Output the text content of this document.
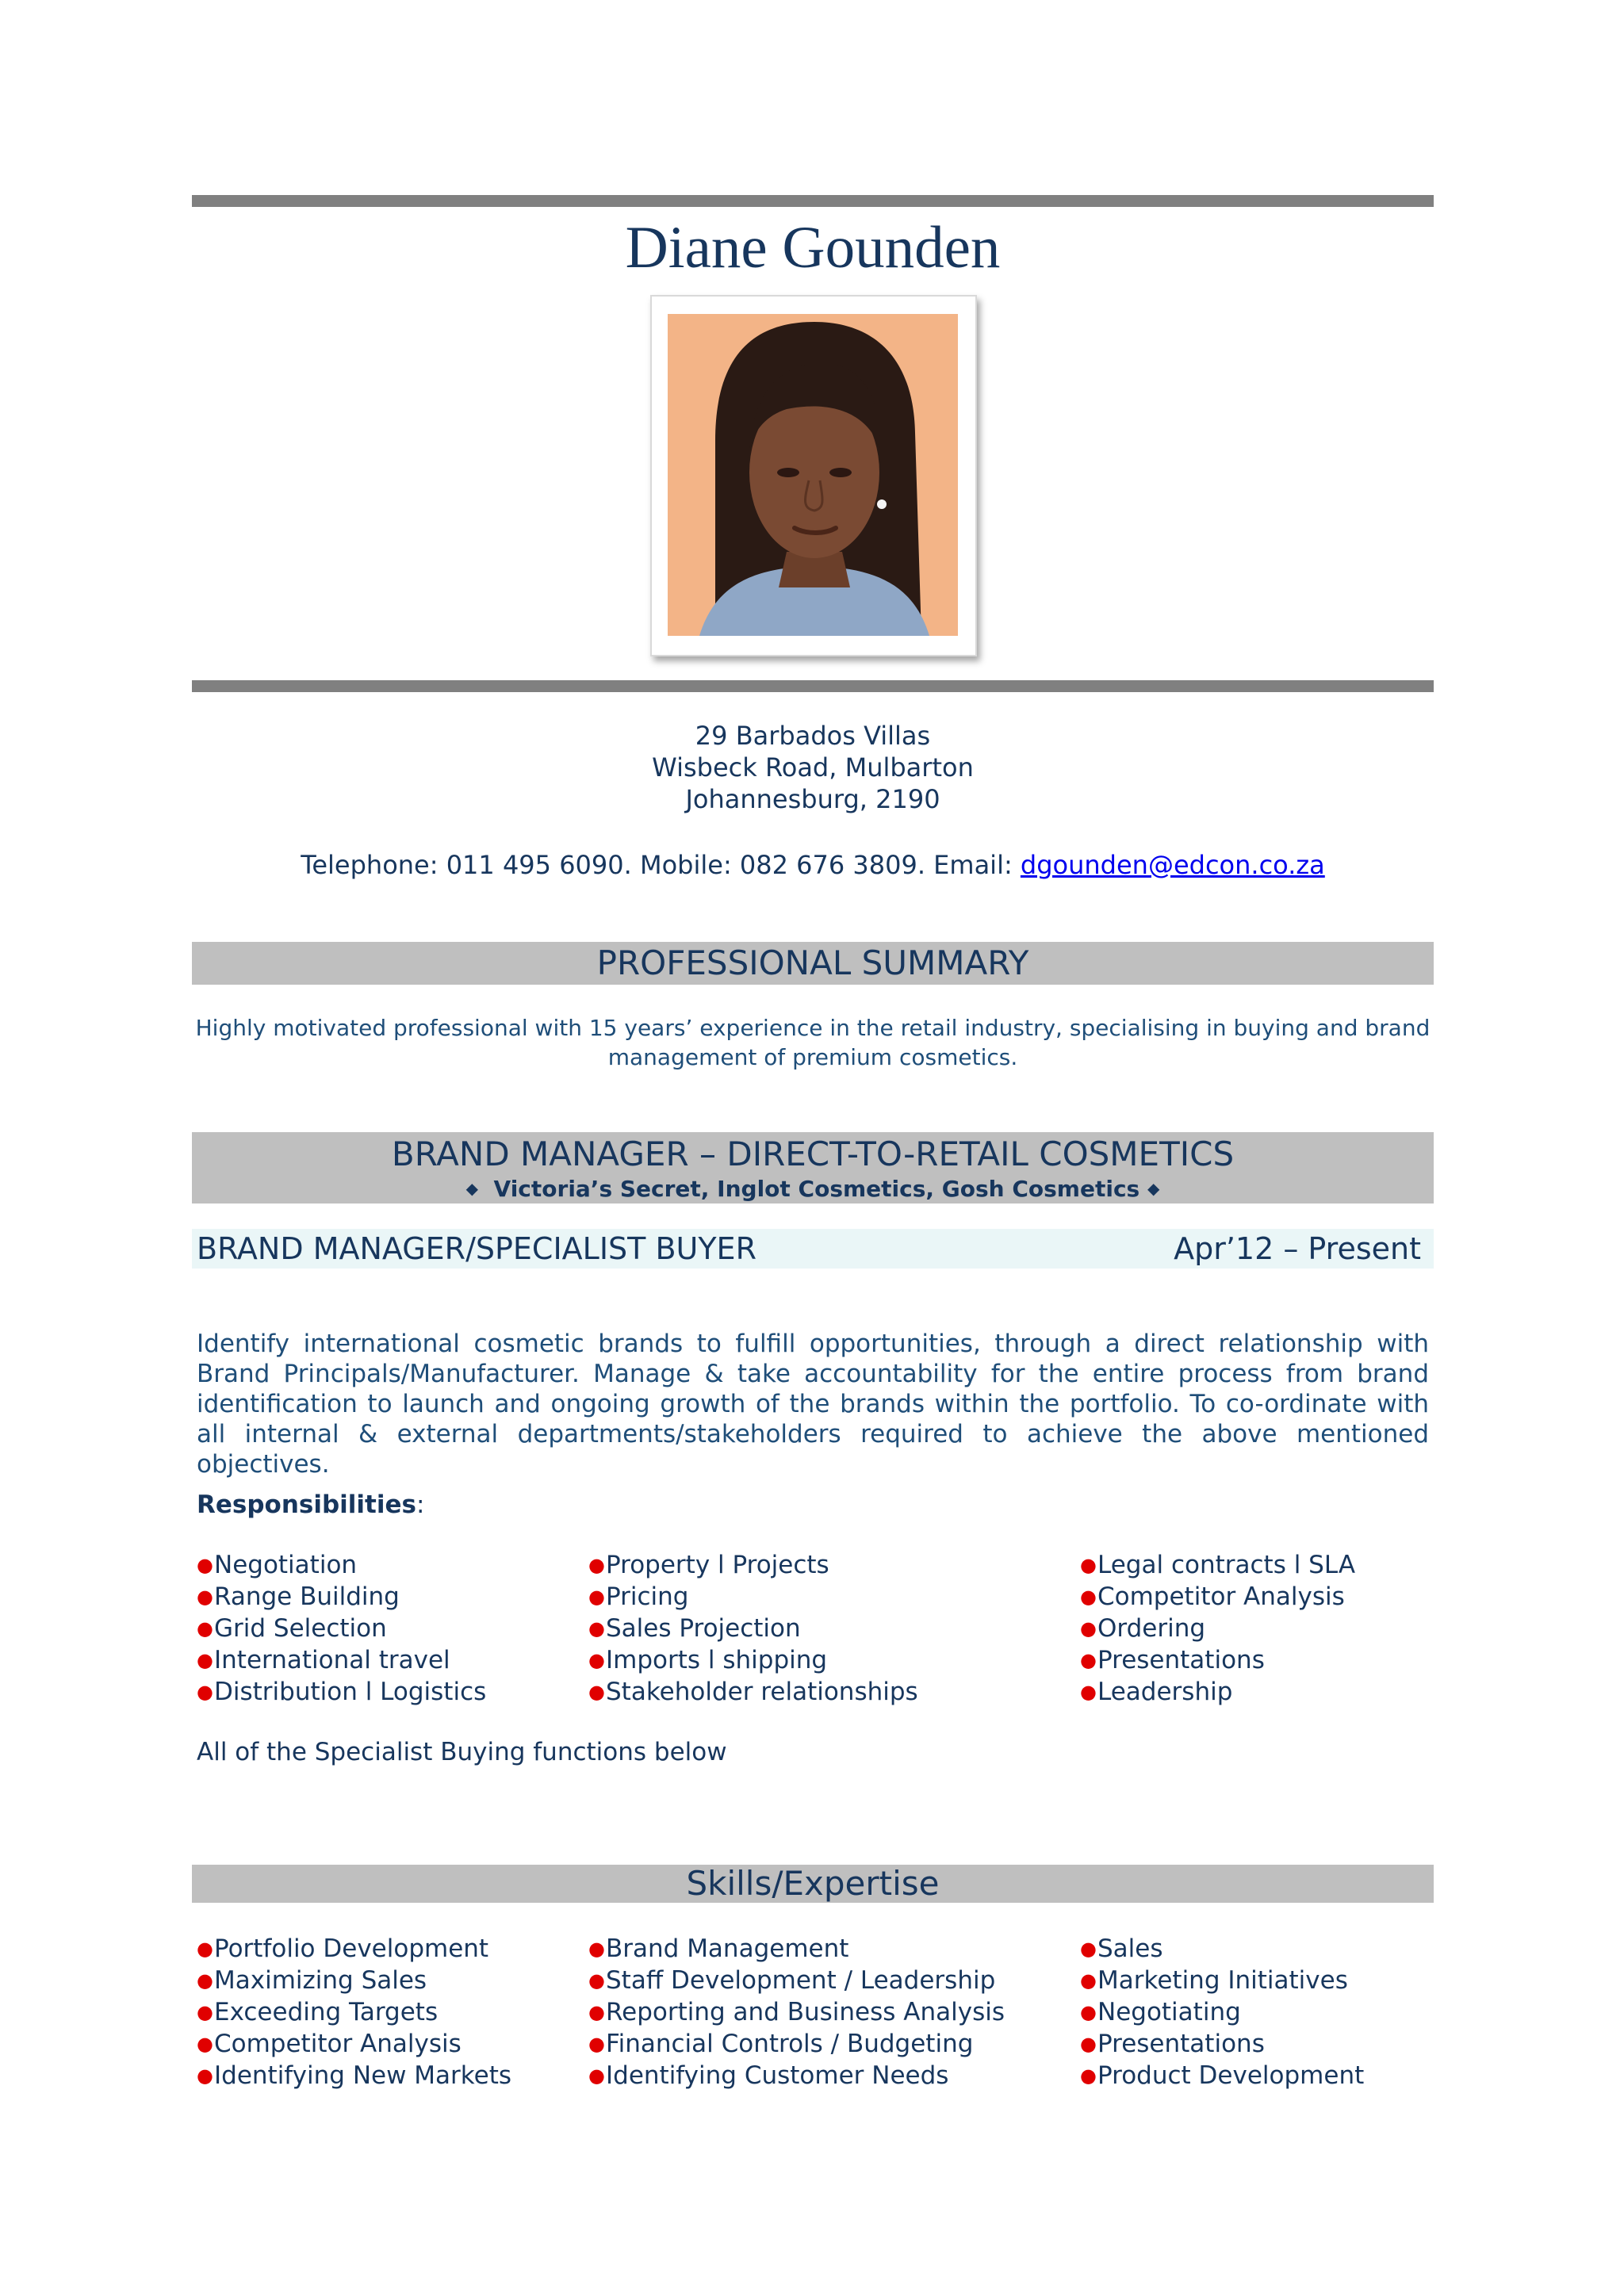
Diane Gounden
29 Barbados Villas
Wisbeck Road, Mulbarton
Johannesburg, 2190
Telephone: 011 495 6090. Mobile: 082 676 3809. Email: dgounden@edcon.co.za
PROFESSIONAL SUMMARY
Highly motivated professional with 15 years’ experience in the retail industry, specialising in buying and brand management of premium cosmetics.
BRAND MANAGER – DIRECT-TO-RETAIL COSMETICS
◆ Victoria’s Secret, Inglot Cosmetics, Gosh Cosmetics ◆
BRAND MANAGER/SPECIALIST BUYER	Apr’12 – Present
Identify international cosmetic brands to fulfill opportunities, through a direct relationship with Brand Principals/Manufacturer. Manage & take accountability for the entire process from brand identification to launch and ongoing growth of the brands within the portfolio. To co-ordinate with all internal & external departments/stakeholders required to achieve the above mentioned objectives.
Responsibilities:
●Negotiation
●Range Building
●Grid Selection
●International travel
●Distribution l Logistics
●Property l Projects
●Pricing
●Sales Projection
●Imports l shipping
●Stakeholder relationships
●Legal contracts l SLA
●Competitor Analysis
●Ordering
●Presentations
●Leadership
All of the Specialist Buying functions below
Skills/Expertise
●Portfolio Development
●Maximizing Sales
●Exceeding Targets
●Competitor Analysis
●Identifying New Markets
●Brand Management
●Staff Development / Leadership
●Reporting and Business Analysis
●Financial Controls / Budgeting
●Identifying Customer Needs
●Sales
●Marketing Initiatives
●Negotiating
●Presentations
●Product Development
